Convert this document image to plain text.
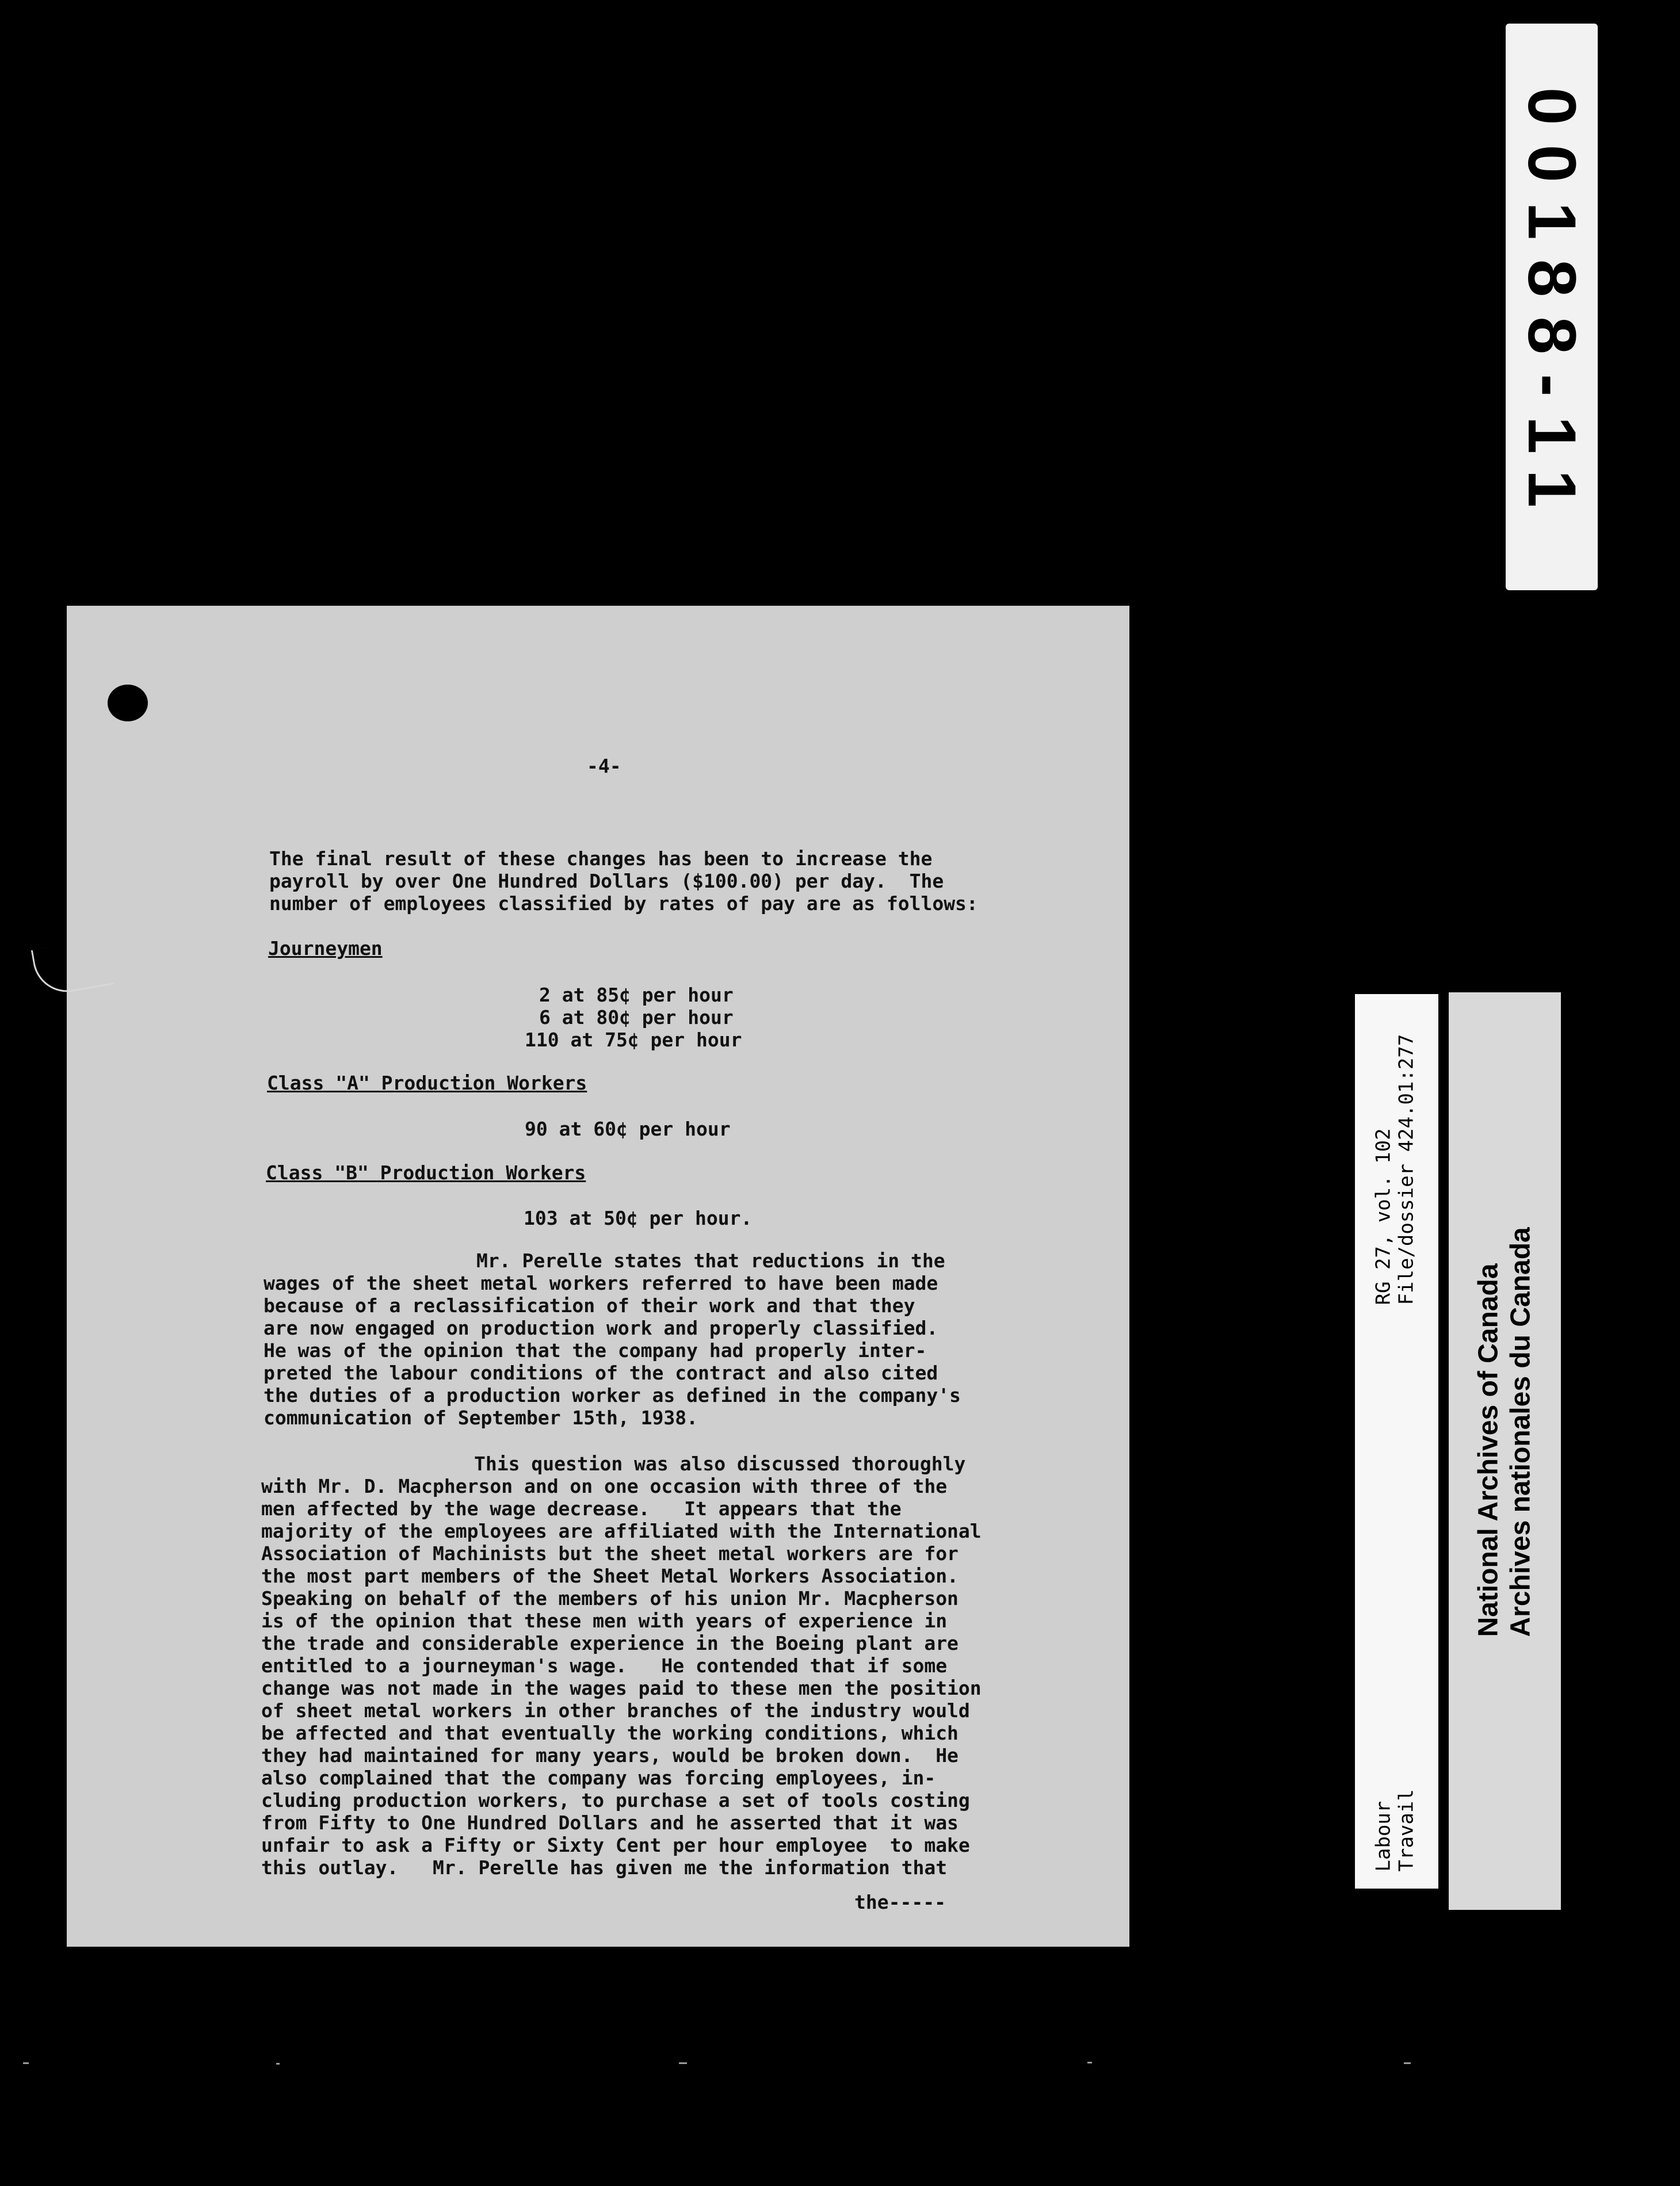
00188-11
-4-
The final result of these changes has been to increase the
payroll by over One Hundred Dollars ($100.00) per day.  The
number of employees classified by rates of pay are as follows:
Journeymen
2 at 85¢ per hour
6 at 80¢ per hour
110 at 75¢ per hour
Class "A" Production Workers
90 at 60¢ per hour
Class "B" Production Workers
103 at 50¢ per hour.
Mr. Perelle states that reductions in the
wages of the sheet metal workers referred to have been made
because of a reclassification of their work and that they
are now engaged on production work and properly classified.
He was of the opinion that the company had properly inter-
preted the labour conditions of the contract and also cited
the duties of a production worker as defined in the company's
communication of September 15th, 1938.
This question was also discussed thoroughly
with Mr. D. Macpherson and on one occasion with three of the
men affected by the wage decrease.   It appears that the
majority of the employees are affiliated with the International
Association of Machinists but the sheet metal workers are for
the most part members of the Sheet Metal Workers Association.
Speaking on behalf of the members of his union Mr. Macpherson
is of the opinion that these men with years of experience in
the trade and considerable experience in the Boeing plant are
entitled to a journeyman's wage.   He contended that if some
change was not made in the wages paid to these men the position
of sheet metal workers in other branches of the industry would
be affected and that eventually the working conditions, which
they had maintained for many years, would be broken down.  He
also complained that the company was forcing employees, in-
cluding production workers, to purchase a set of tools costing
from Fifty to One Hundred Dollars and he asserted that it was
unfair to ask a Fifty or Sixty Cent per hour employee  to make
this outlay.   Mr. Perelle has given me the information that
the-----
Labour Travail
RG 27, vol. 102 File/dossier 424.01:277
National Archives of Canada Archives nationales du Canada
